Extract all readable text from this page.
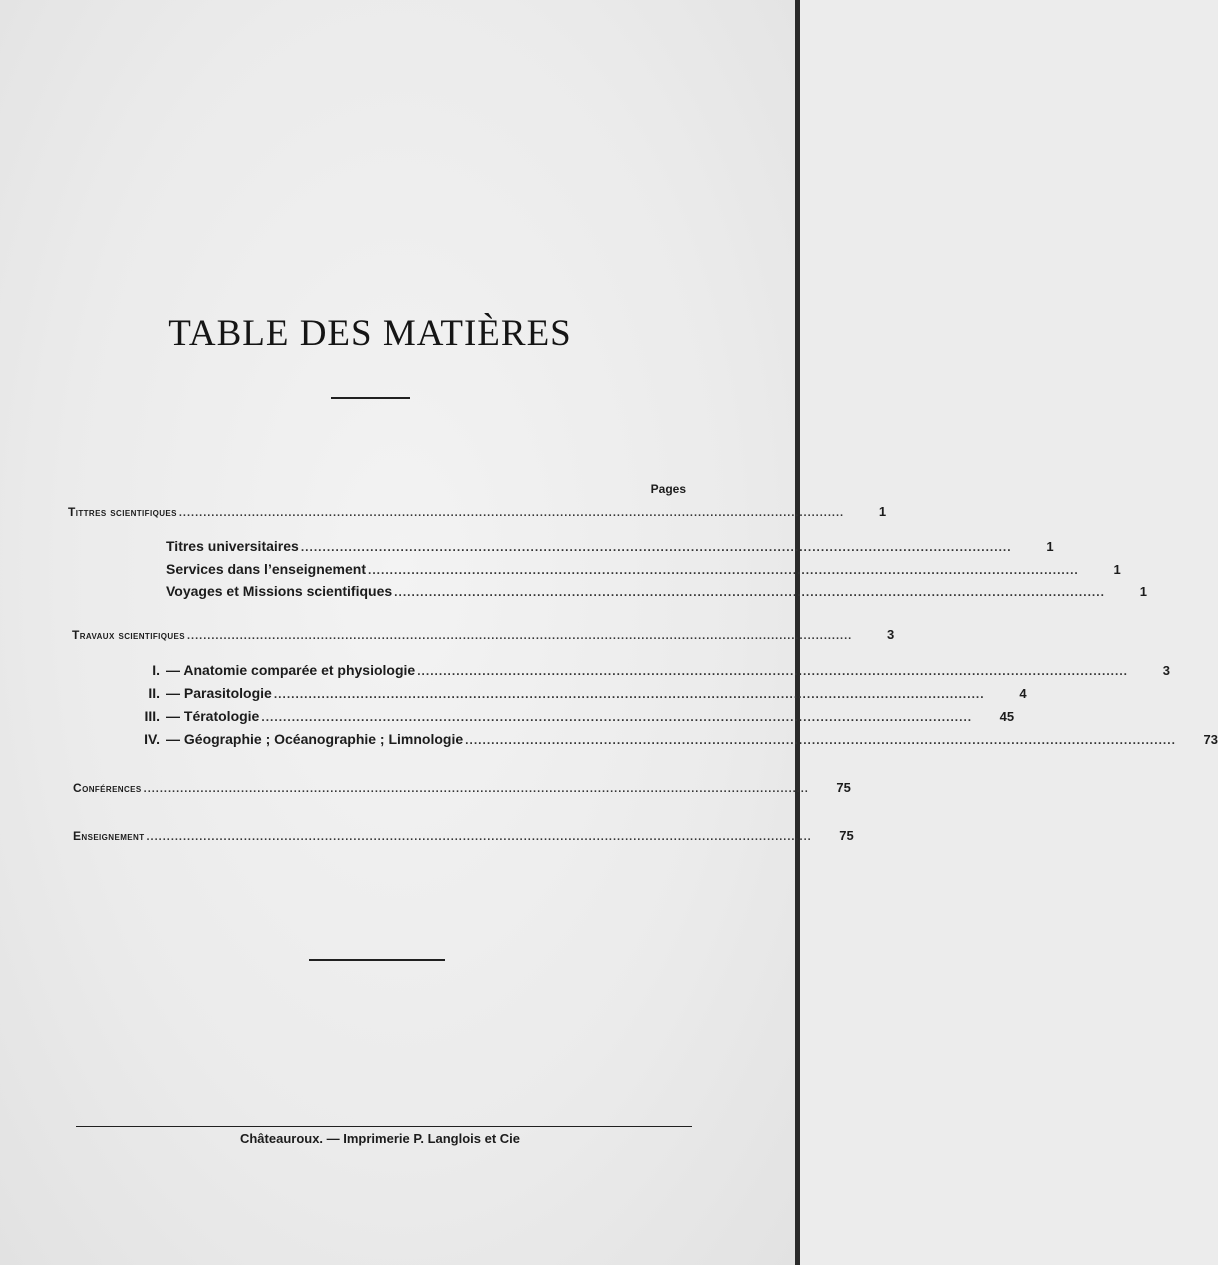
TABLE DES MATIÈRES
Pages
Tittres scientifiques ....................................................................................................................................................................	1
Titres universitaires ....................................................................................................................................................................	1
Services dans l’enseignement ....................................................................................................................................................................	1
Voyages et Missions scientifiques ....................................................................................................................................................................	1
Travaux scientifiques ....................................................................................................................................................................	3
I. — Anatomie comparée et physiologie ....................................................................................................................................................................	3
II. — Parasitologie ....................................................................................................................................................................	4
III. — Tératologie ....................................................................................................................................................................	45
IV. — Géographie ; Océanographie ; Limnologie ....................................................................................................................................................................	73
Conférences ....................................................................................................................................................................	75
Enseignement ....................................................................................................................................................................	75
Châteauroux. — Imprimerie P. Langlois et Cie
